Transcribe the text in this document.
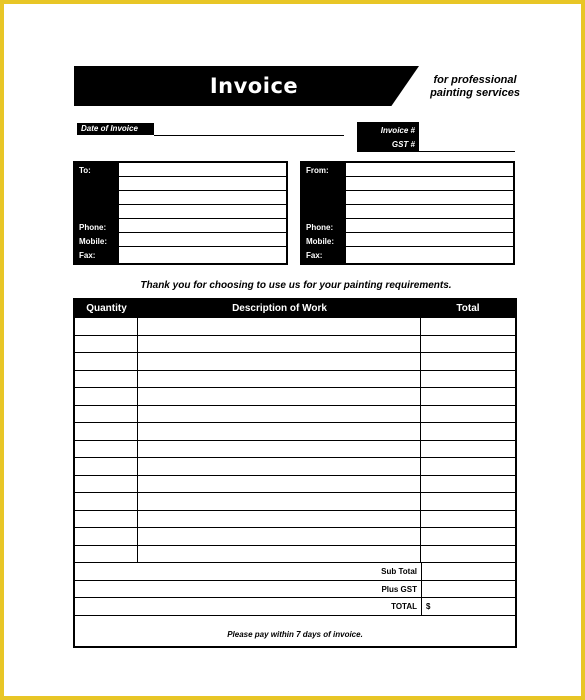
Invoice	for professional
painting services
Date of Invoice	Invoice #
GST #
To:
Phone:
Mobile:
Fax:
From:
Phone:
Mobile:
Fax:
Thank you for choosing to use us for your painting requirements.
Quantity	Description of Work	Total
Sub Total
Plus GST
TOTAL	$
Please pay within 7 days of invoice.
